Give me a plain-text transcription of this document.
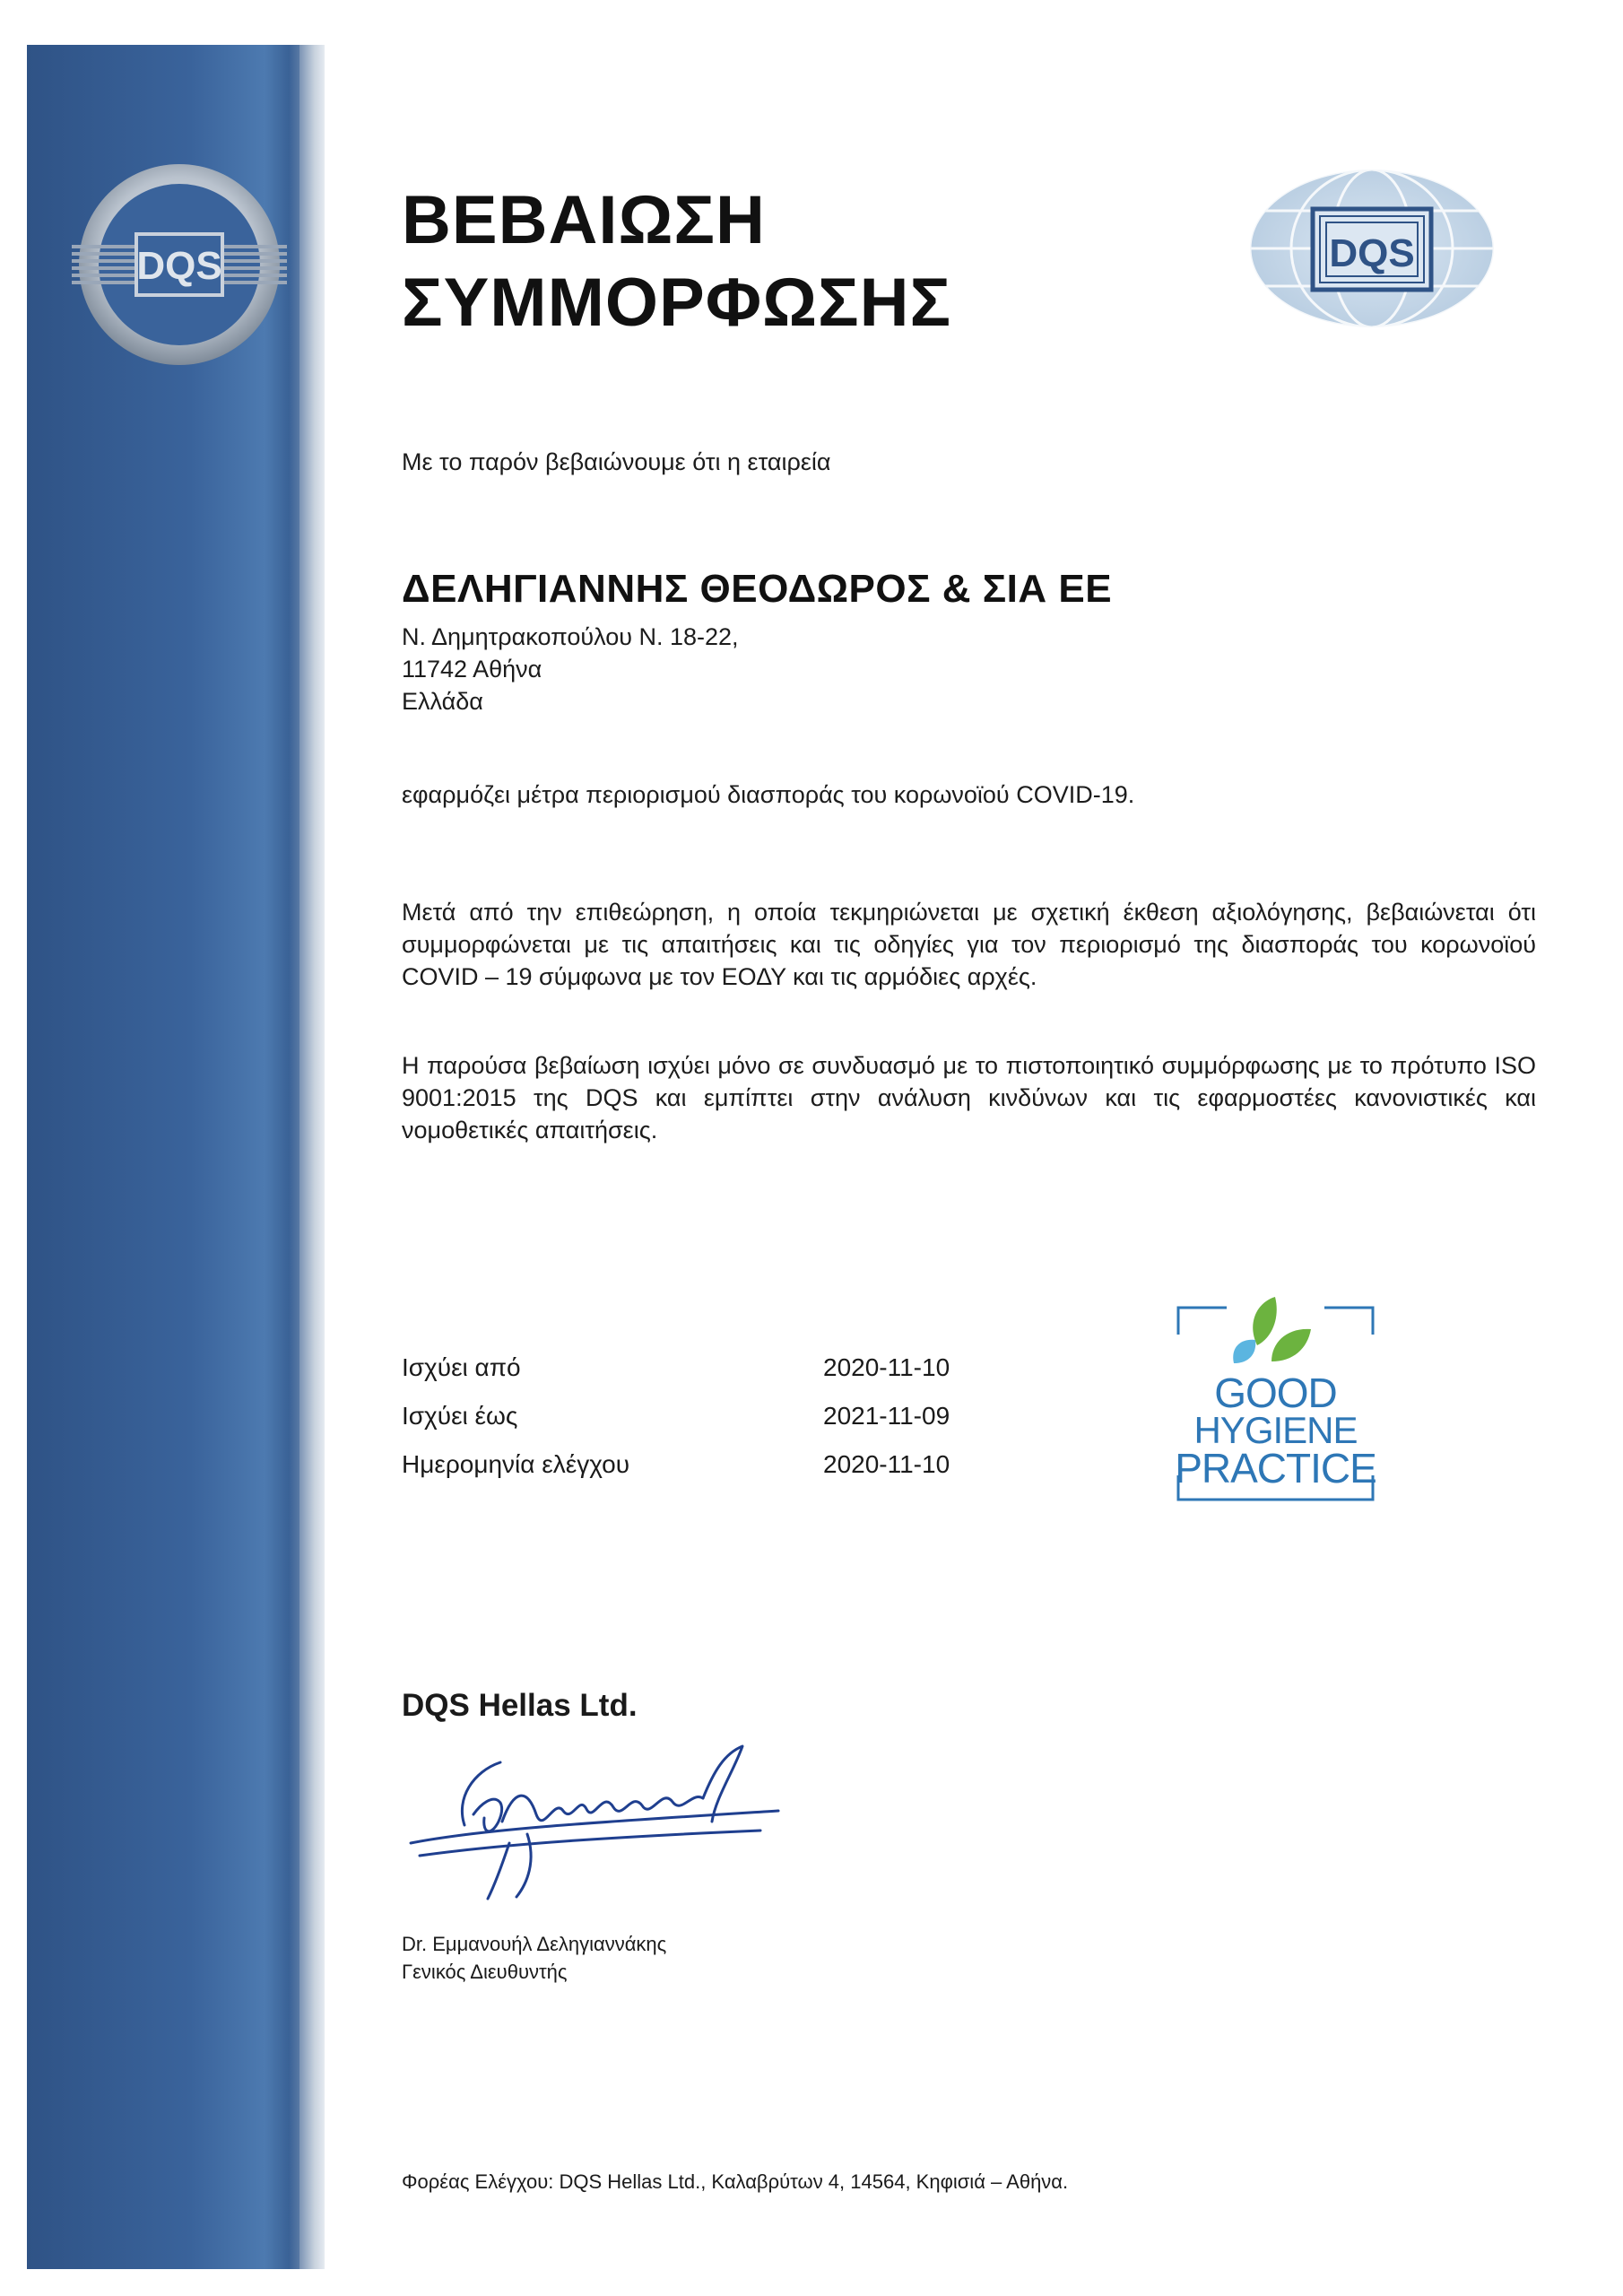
DQS
ΒΕΒΑΙΩΣΗ
ΣΥΜΜΟΡΦΩΣΗΣ
DQS

Με το παρόν βεβαιώνουμε ότι η εταιρεία

ΔΕΛΗΓΙΑΝΝΗΣ ΘΕΟΔΩΡΟΣ & ΣΙΑ ΕΕ

Ν. Δημητρακοπούλου Ν. 18-22,
11742 Αθήνα
Ελλάδα

εφαρμόζει μέτρα περιορισμού διασποράς του κορωνοϊού COVID-19.

Μετά από την επιθεώρηση, η οποία τεκμηριώνεται με σχετική έκθεση αξιολόγησης, βεβαιώνεται ότι συμμορφώνεται με τις απαιτήσεις και τις οδηγίες για τον περιορισμό της διασποράς του κορωνοϊού COVID – 19 σύμφωνα με τον ΕΟΔΥ και τις αρμόδιες αρχές.

Η παρούσα βεβαίωση ισχύει μόνο σε συνδυασμό με το πιστοποιητικό συμμόρφωσης με το πρότυπο ISO 9001:2015 της DQS και εμπίπτει στην ανάλυση κινδύνων και τις εφαρμοστέες κανονιστικές και νομοθετικές απαιτήσεις.

Ισχύει από	2020-11-10
Ισχύει έως	2021-11-09
Ημερομηνία ελέγχου	2020-11-10
GOOD
HYGIENE
PRACTICE
DQS Hellas Ltd.
Dr. Εμμανουήλ Δεληγιαννάκης
Γενικός Διευθυντής

Φορέας Ελέγχου: DQS Hellas Ltd., Καλαβρύτων 4, 14564, Κηφισιά – Αθήνα.
